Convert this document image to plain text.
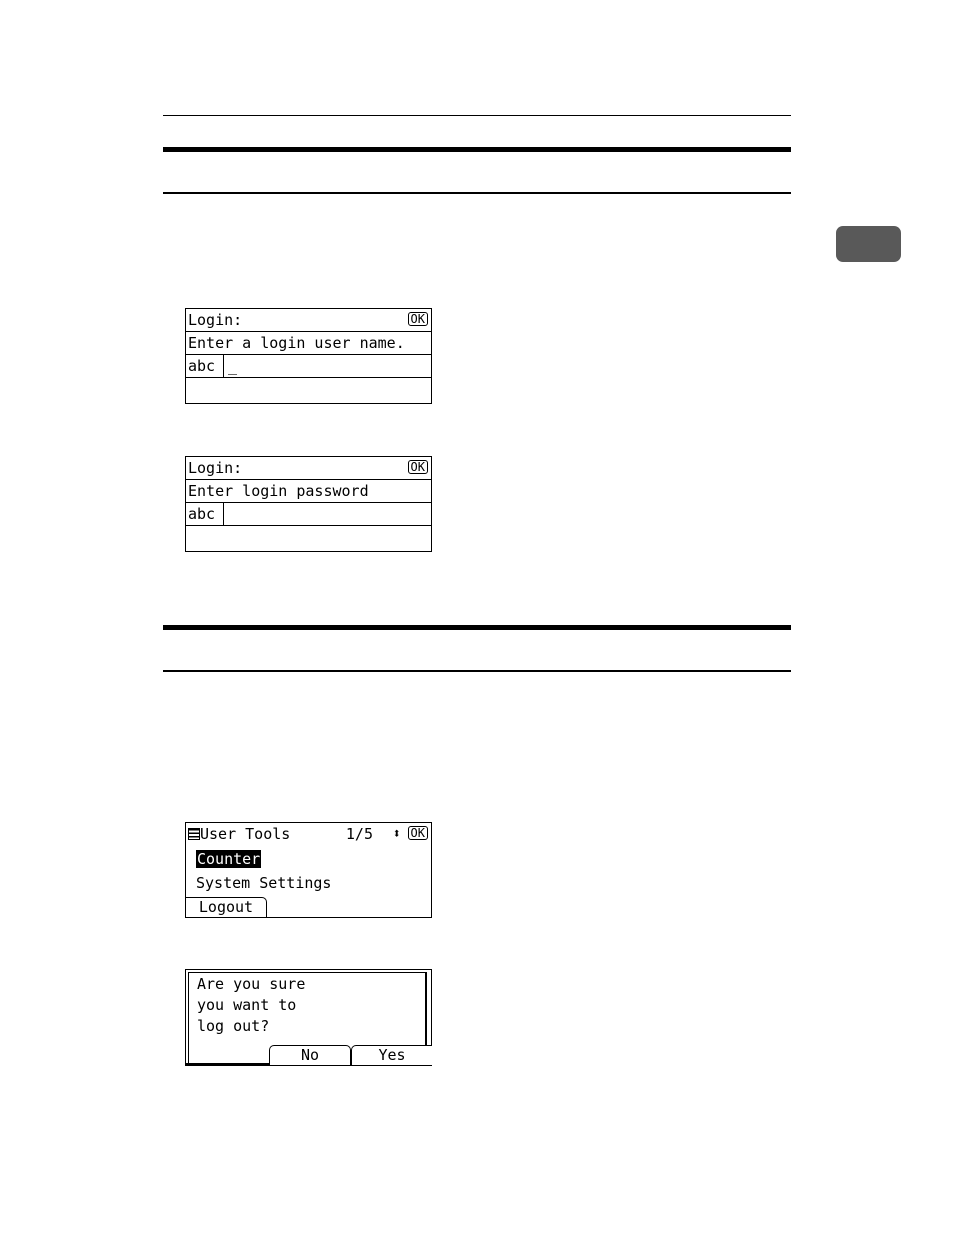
Login:	OK
Enter a login user name.
abc _
Login:	OK
Enter login password
abc
User Tools	1/5 ⬍ OK
Counter
System Settings
Logout
Are you sure
you want to
log out?
No	Yes
